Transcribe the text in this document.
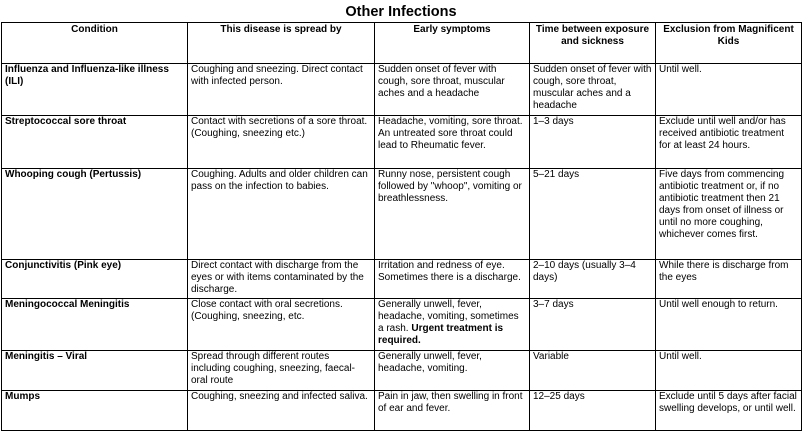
Other Infections
Condition	This disease is spread by	Early symptoms	Time between exposure and sickness	Exclusion from Magnificent Kids
Influenza and Influenza-like illness (ILI)	Coughing and sneezing. Direct contact with infected person.	Sudden onset of fever with cough, sore throat, muscular aches and a headache	Sudden onset of fever with cough, sore throat, muscular aches and a headache	Until well.
Streptococcal sore throat	Contact with secretions of a sore throat. (Coughing, sneezing etc.)	Headache, vomiting, sore throat. An untreated sore throat could lead to Rheumatic fever.	1–3 days	Exclude until well and/or has received antibiotic treatment for at least 24 hours.
Whooping cough (Pertussis)	Coughing. Adults and older children can pass on the infection to babies.	Runny nose, persistent cough followed by "whoop", vomiting or breathlessness.	5–21 days	Five days from commencing antibiotic treatment or, if no antibiotic treatment then 21 days from onset of illness or until no more coughing, whichever comes first.
Conjunctivitis (Pink eye)	Direct contact with discharge from the eyes or with items contaminated by the discharge.	Irritation and redness of eye. Sometimes there is a discharge.	2–10 days (usually 3–4 days)	While there is discharge from the eyes
Meningococcal Meningitis	Close contact with oral secretions. (Coughing, sneezing, etc.	Generally unwell, fever, headache, vomiting, sometimes a rash. Urgent treatment is required.	3–7 days	Until well enough to return.
Meningitis – Viral	Spread through different routes including coughing, sneezing, faecal-oral route	Generally unwell, fever, headache, vomiting.	Variable	Until well.
Mumps	Coughing, sneezing and infected saliva.	Pain in jaw, then swelling in front of ear and fever.	12–25 days	Exclude until 5 days after facial swelling develops, or until well.
